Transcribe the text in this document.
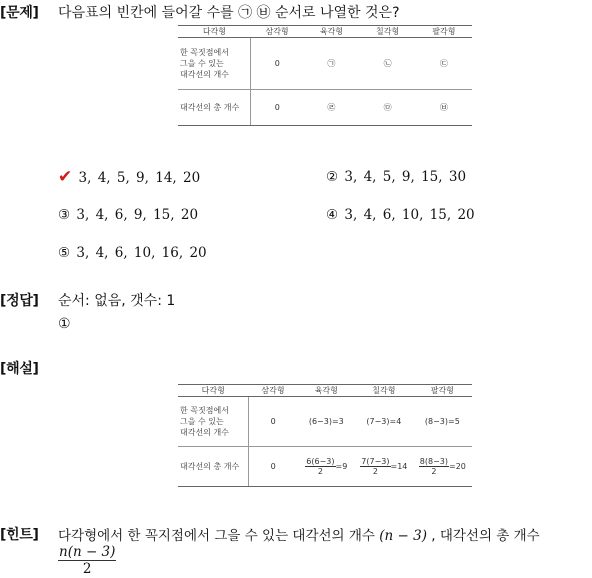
[문제] 다음표의 빈칸에 들어갈 수를 ㉠ ㉥ 순서로 나열한 것은?
다각형	삼각형	육각형	칠각형	팔각형
한 꼭짓점에서
그을 수 있는
대각선의 개수	0	㉠	㉡	㉢
대각선의 총 개수	0	㉣	㉤	㉥
✔ 3, 4, 5, 9, 14, 20	② 3, 4, 5, 9, 15, 30
③ 3, 4, 6, 9, 15, 20	④ 3, 4, 6, 10, 15, 20
⑤ 3, 4, 6, 10, 16, 20
[정답] 순서: 없음, 갯수: 1
①
[해설]
다각형	삼각형	육각형	칠각형	팔각형
한 꼭짓점에서
그을 수 있는
대각선의 개수	0	(6−3)=3	(7−3)=4	(8−3)=5
대각선의 총 개수	0	$\frac{6(6-3)}{2} =9$	$\frac{7(7-3)}{2} =14$	$\frac{8(8-3)}{2} =20$
[힌트] 다각형에서 한 꼭지점에서 그을 수 있는 대각선의 개수 (n − 3) , 대각선의 총 개수
$\frac{n(n - 3)}{2}$
